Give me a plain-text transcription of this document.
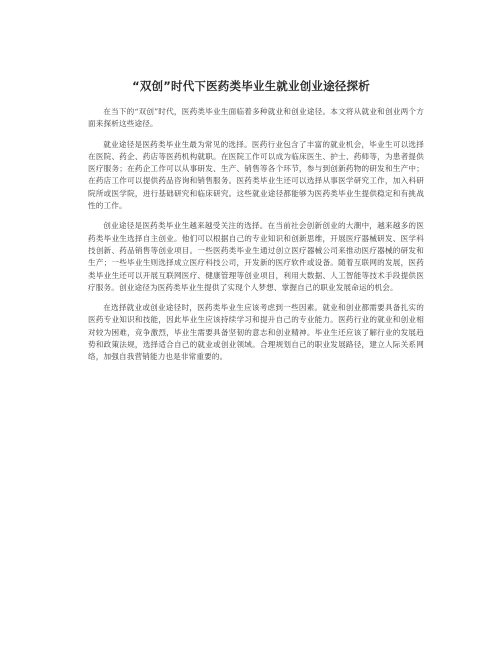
“双创”时代下医药类毕业生就业创业途径探析

在当下的“双创”时代，医药类毕业生面临着多种就业和创业途径。本文将从就业和创业两个方面来探析这些途径。

就业途径是医药类毕业生最为常见的选择。医药行业包含了丰富的就业机会，毕业生可以选择在医院、药企、药店等医药机构就职。在医院工作可以成为临床医生、护士、药师等，为患者提供医疗服务；在药企工作可以从事研发、生产、销售等各个环节，参与到创新药物的研发和生产中；在药店工作可以提供药品咨询和销售服务。医药类毕业生还可以选择从事医学研究工作，加入科研院所或医学院，进行基础研究和临床研究。这些就业途径都能够为医药类毕业生提供稳定和有挑战性的工作。

创业途径是医药类毕业生越来越受关注的选择。在当前社会创新创业的大潮中，越来越多的医药类毕业生选择自主创业。他们可以根据自己的专业知识和创新思维，开展医疗器械研发、医学科技创新、药品销售等创业项目。一些医药类毕业生通过创立医疗器械公司来推动医疗器械的研发和生产；一些毕业生则选择成立医疗科技公司，开发新的医疗软件或设备。随着互联网的发展，医药类毕业生还可以开展互联网医疗、健康管理等创业项目，利用大数据、人工智能等技术手段提供医疗服务。创业途径为医药类毕业生提供了实现个人梦想、掌握自己的职业发展命运的机会。

在选择就业或创业途径时，医药类毕业生应该考虑到一些因素。就业和创业都需要具备扎实的医药专业知识和技能，因此毕业生应该持续学习和提升自己的专业能力。医药行业的就业和创业相对较为困难，竞争激烈，毕业生需要具备坚韧的意志和创业精神。毕业生还应该了解行业的发展趋势和政策法规，选择适合自己的就业或创业领域。合理规划自己的职业发展路径，建立人际关系网络，加强自我营销能力也是非常重要的。
